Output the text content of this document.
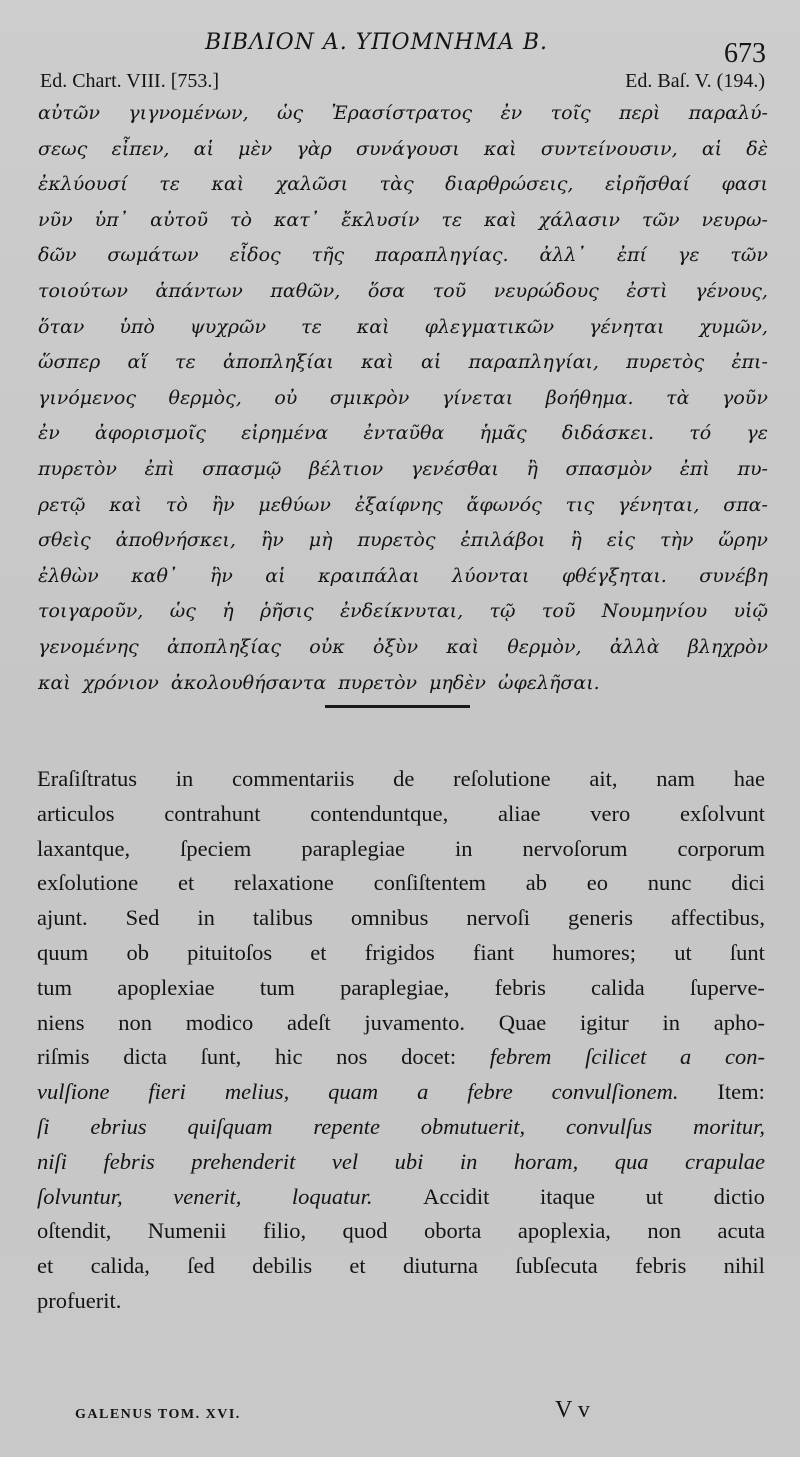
ΒΙΒΛΙΟΝ Α. ΥΠΟΜΝΗΜΑ Β.	673
Ed. Chart. VIII. [753.]	Ed. Baſ. V. (194.)
αὐτῶν γιγνομένων, ὡς Ἐρασίστρατος ἐν τοῖς περὶ παραλύ-
σεως εἶπεν, αἱ μὲν γὰρ συνάγουσι καὶ συντείνουσιν, αἱ δὲ
ἐκλύουσί τε καὶ χαλῶσι τὰς διαρθρώσεις, εἰρῆσθαί φασι
νῦν ὑπ᾽ αὐτοῦ τὸ κατ᾽ ἔκλυσίν τε καὶ χάλασιν τῶν νευρω-
δῶν σωμάτων εἶδος τῆς παραπληγίας. ἀλλ᾽ ἐπί γε τῶν
τοιούτων ἁπάντων παθῶν, ὅσα τοῦ νευρώδους ἐστὶ γένους,
ὅταν ὑπὸ ψυχρῶν τε καὶ φλεγματικῶν γένηται χυμῶν,
ὥσπερ αἵ τε ἀποπληξίαι καὶ αἱ παραπληγίαι, πυρετὸς ἐπι-
γινόμενος θερμὸς, οὐ σμικρὸν γίνεται βοήθημα. τὰ γοῦν
ἐν ἀφορισμοῖς εἰρημένα ἐνταῦθα ἡμᾶς διδάσκει. τό γε
πυρετὸν ἐπὶ σπασμῷ βέλτιον γενέσθαι ἢ σπασμὸν ἐπὶ πυ-
ρετῷ καὶ τὸ ἢν μεθύων ἐξαίφνης ἄφωνός τις γένηται, σπα-
σθεὶς ἀποθνήσκει, ἢν μὴ πυρετὸς ἐπιλάβοι ἢ εἰς τὴν ὥρην
ἐλθὼν καθ᾽ ἣν αἱ κραιπάλαι λύονται φθέγξηται. συνέβη
τοιγαροῦν, ὡς ἡ ῥῆσις ἐνδείκνυται, τῷ τοῦ Νουμηνίου υἱῷ
γενομένης ἀποπληξίας οὐκ ὀξὺν καὶ θερμὸν, ἀλλὰ βληχρὸν
καὶ χρόνιον ἀκολουθήσαντα πυρετὸν μηδὲν ὠφελῆσαι.
Eraſiſtratus in commentariis de reſolutione ait, nam hae
articulos contrahunt contenduntque, aliae vero exſolvunt
laxantque, ſpeciem paraplegiae in nervoſorum corporum
exſolutione et relaxatione conſiſtentem ab eo nunc dici
ajunt. Sed in talibus omnibus nervoſi generis affectibus,
quum ob pituitoſos et frigidos fiant humores; ut ſunt
tum apoplexiae tum paraplegiae, febris calida ſuperve-
niens non modico adeſt juvamento. Quae igitur in apho-
riſmis dicta ſunt, hic nos docet: febrem ſcilicet a con-
vulſione fieri melius, quam a febre convulſionem. Item:
ſi ebrius quiſquam repente obmutuerit, convulſus moritur,
niſi febris prehenderit vel ubi in horam, qua crapulae
ſolvuntur, venerit, loquatur. Accidit itaque ut dictio
oſtendit, Numenii filio, quod oborta apoplexia, non acuta
et calida, ſed debilis et diuturna ſubſecuta febris nihil
profuerit.
GALENUS TOM. XVI.	V v
